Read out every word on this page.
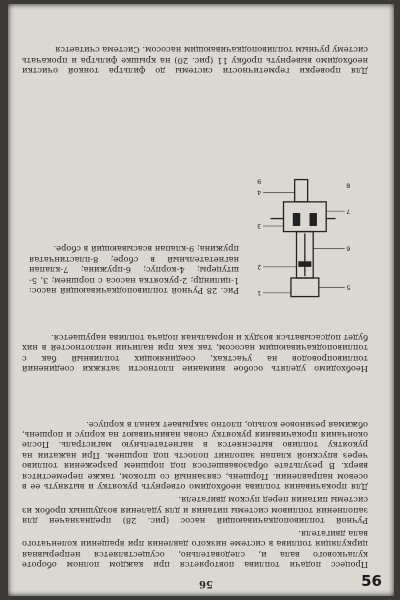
56

Процесс подачи топлива повторяется при каждом полном обороте кулачкового вала и, следовательно, осуществляется непрерывная циркуляция топлива в системе низкого давления при вращении коленчатого вала двигателя.

Ручной топливоподкачивающий насос (рис. 28) предназначен для заполнения топливом системы питания и для удаления воздушных пробок из системы питания перед пуском двигателя.

Для прокачивания топлива необходимо отвернуть рукоятку и вытянуть ее в осевом направлении. Поршень, связанный со штоком, также переместится вверх. В результате образовавшегося под поршнем разрежения топливо через впускной клапан заполнит полость под поршнем. При нажатии на рукоятку топливо вытесняется в нагнетательную магистраль. После окончания прокачивания рукоятку снова навинчивают на корпус и поршень, обжимая резиновое кольцо, плотно закрывает канал в корпусе.

Необходимо уделять особое внимание плотности затяжки соединений топливопроводов на участках, соединяющих топливный бак с топливоподкачивающим насосом, так как при наличии неплотностей в них будет подсасываться воздух и нормальная подача топлива нарушается.

1
2
3
4
5
6
7
8
9

Рис. 28 Ручной топливоподкачивающий насос: 1-цилиндр; 2-рукоятка насоса с поршнем; 3, 5-штуцеры; 4-корпус; 6-пружина; 7-клапан нагнетательный в сборе; 8-пластинчатая пружина; 9-клапан всасывающий в сборе.

Для проверки герметичности системы до фильтра тонкой очистки необходимо вывернуть пробку 11 (рис. 20) на крышке фильтра и прокачать систему ручным топливоподкачивающим насосом. Система считается

56
